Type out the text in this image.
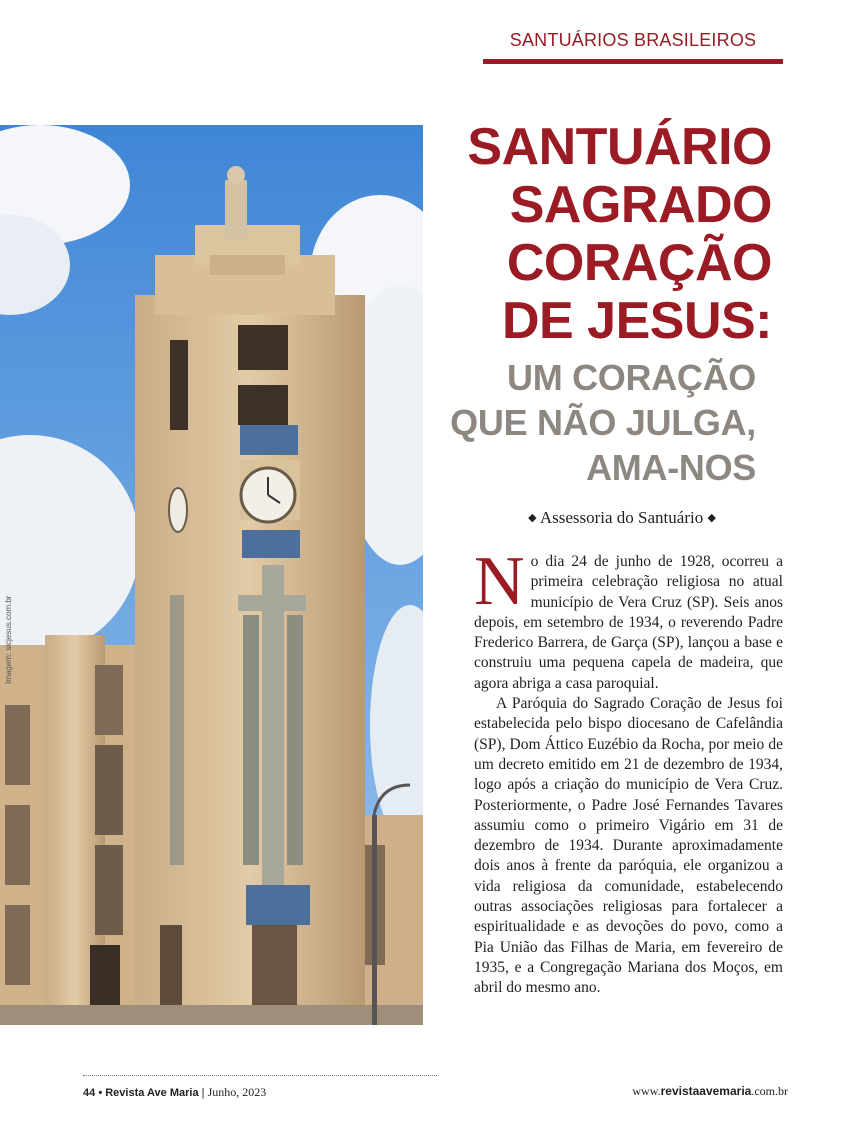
SANTUÁRIOS BRASILEIROS
Imagem: sicjesus.com.br
SANTUÁRIO
SAGRADO
CORAÇÃO
DE JESUS:
UM CORAÇÃO
QUE NÃO JULGA,
AMA-NOS
◆ Assessoria do Santuário ◆

No dia 24 de junho de 1928, ocorreu a primeira celebração religiosa no atual município de Vera Cruz (SP). Seis anos depois, em setembro de 1934, o reverendo Padre Frederico Barrera, de Garça (SP), lançou a base e construiu uma pequena capela de madeira, que agora abriga a casa paroquial.

A Paróquia do Sagrado Coração de Jesus foi estabelecida pelo bispo diocesano de Cafelândia (SP), Dom Áttico Euzébio da Rocha, por meio de um decreto emitido em 21 de dezembro de 1934, logo após a criação do município de Vera Cruz. Posteriormente, o Padre José Fernandes Tavares assumiu como o primeiro Vigário em 31 de dezembro de 1934. Durante aproximadamente dois anos à frente da paróquia, ele organizou a vida religiosa da comunidade, estabelecendo outras associações religiosas para fortalecer a espiritualidade e as devoções do povo, como a Pia União das Filhas de Maria, em fevereiro de 1935, e a Congregação Mariana dos Moços, em abril do mesmo ano.

44 • Revista Ave Maria | Junho, 2023	www.revistaavemaria.com.br
